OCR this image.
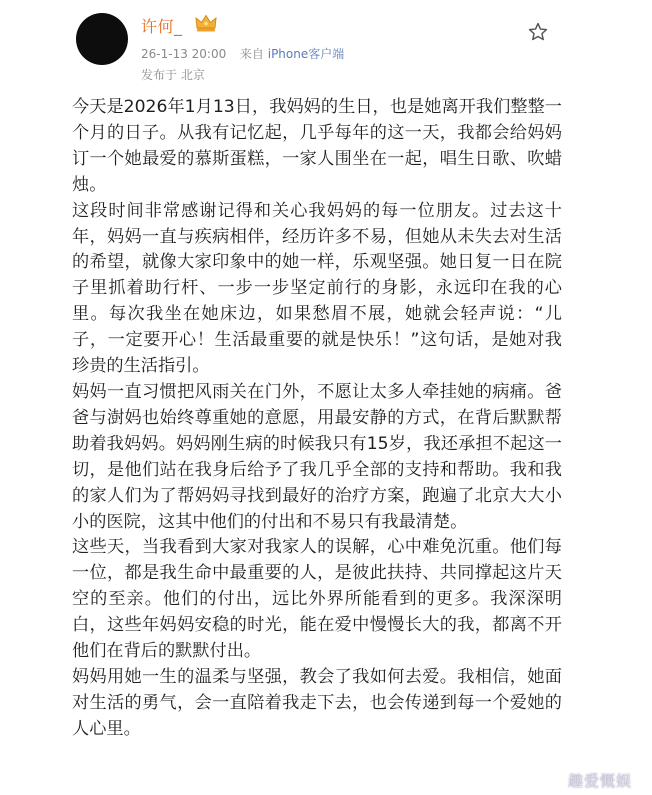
许何_
26-1-13 20:00 来自 iPhone客户端
发布于 北京

今天是2026年1月13日，我妈妈的生日，也是她离开我们整整一个月的日子。从我有记忆起，几乎每年的这一天，我都会给妈妈订一个她最爱的慕斯蛋糕，一家人围坐在一起，唱生日歌、吹蜡烛。

这段时间非常感谢记得和关心我妈妈的每一位朋友。过去这十年，妈妈一直与疾病相伴，经历许多不易，但她从未失去对生活的希望，就像大家印象中的她一样，乐观坚强。她日复一日在院子里抓着助行杆、一步一步坚定前行的身影，永远印在我的心里。每次我坐在她床边，如果愁眉不展，她就会轻声说：“儿子，一定要开心！生活最重要的就是快乐！”这句话，是她对我珍贵的生活指引。

妈妈一直习惯把风雨关在门外，不愿让太多人牵挂她的病痛。爸爸与澍妈也始终尊重她的意愿，用最安静的方式，在背后默默帮助着我妈妈。妈妈刚生病的时候我只有15岁，我还承担不起这一切，是他们站在我身后给予了我几乎全部的支持和帮助。我和我的家人们为了帮妈妈寻找到最好的治疗方案，跑遍了北京大大小小的医院，这其中他们的付出和不易只有我最清楚。

这些天，当我看到大家对我家人的误解，心中难免沉重。他们每一位，都是我生命中最重要的人，是彼此扶持、共同撑起这片天空的至亲。他们的付出，远比外界所能看到的更多。我深深明白，这些年妈妈安稳的时光，能在爱中慢慢长大的我，都离不开他们在背后的默默付出。

妈妈用她一生的温柔与坚强，教会了我如何去爱。我相信，她面对生活的勇气，会一直陪着我走下去，也会传递到每一个爱她的人心里。

趣爱慨娱
